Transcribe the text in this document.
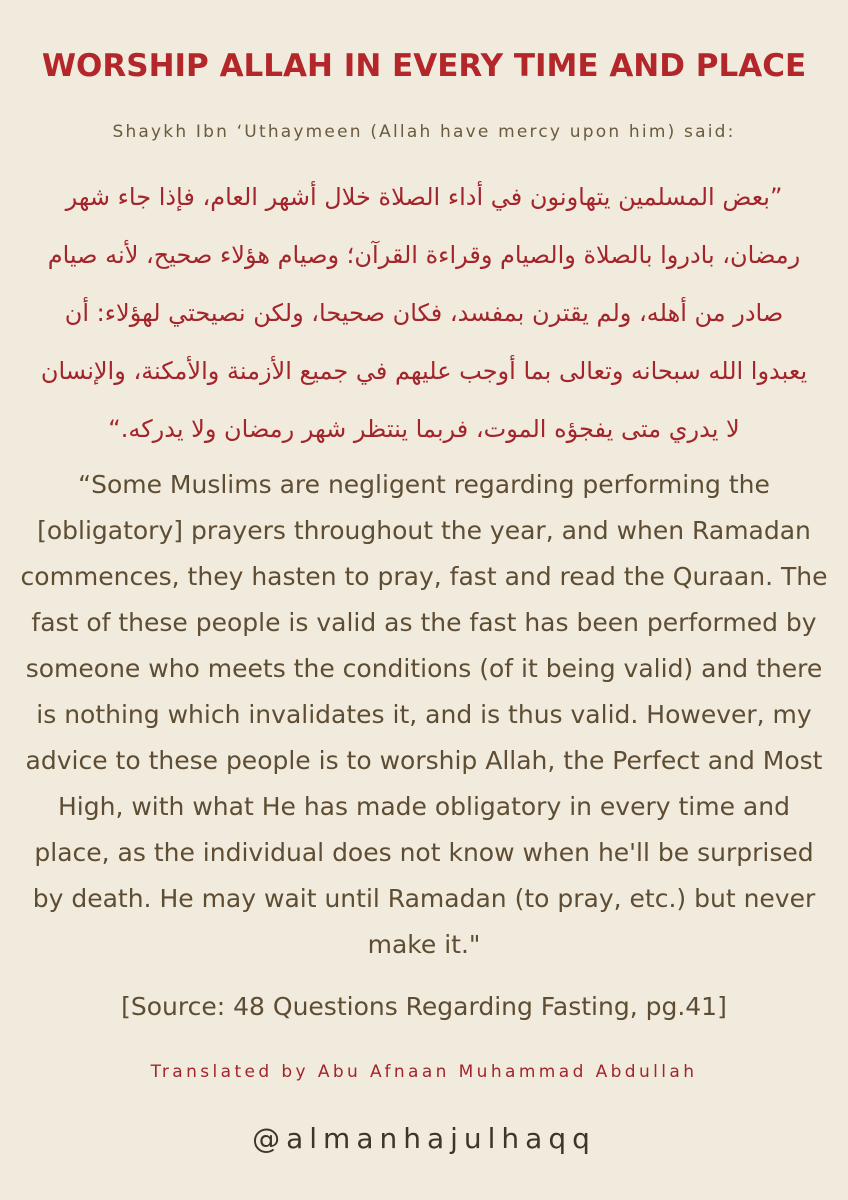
WORSHIP ALLAH IN EVERY TIME AND PLACE

Shaykh Ibn ‘Uthaymeen (Allah have mercy upon him) said:

”بعض المسلمين يتهاونون في أداء الصلاة خلال أشهر العام، فإذا جاء شهر رمضان، بادروا بالصلاة والصيام وقراءة القرآن؛ وصيام هؤلاء صحيح، لأنه صيام صادر من أهله، ولم يقترن بمفسد، فكان صحيحا، ولكن نصيحتي لهؤلاء: أن يعبدوا الله سبحانه وتعالى بما أوجب عليهم في جميع الأزمنة والأمكنة، والإنسان لا يدري متى يفجؤه الموت، فربما ينتظر شهر رمضان ولا يدركه.“

“Some Muslims are negligent regarding performing the [obligatory] prayers throughout the year, and when Ramadan commences, they hasten to pray, fast and read the Quraan. The fast of these people is valid as the fast has been performed by someone who meets the conditions (of it being valid) and there is nothing which invalidates it, and is thus valid. However, my advice to these people is to worship Allah, the Perfect and Most High, with what He has made obligatory in every time and place, as the individual does not know when he'll be surprised by death. He may wait until Ramadan (to pray, etc.) but never make it."

[Source: 48 Questions Regarding Fasting, pg.41]

Translated by Abu Afnaan Muhammad Abdullah

@almanhajulhaqq
